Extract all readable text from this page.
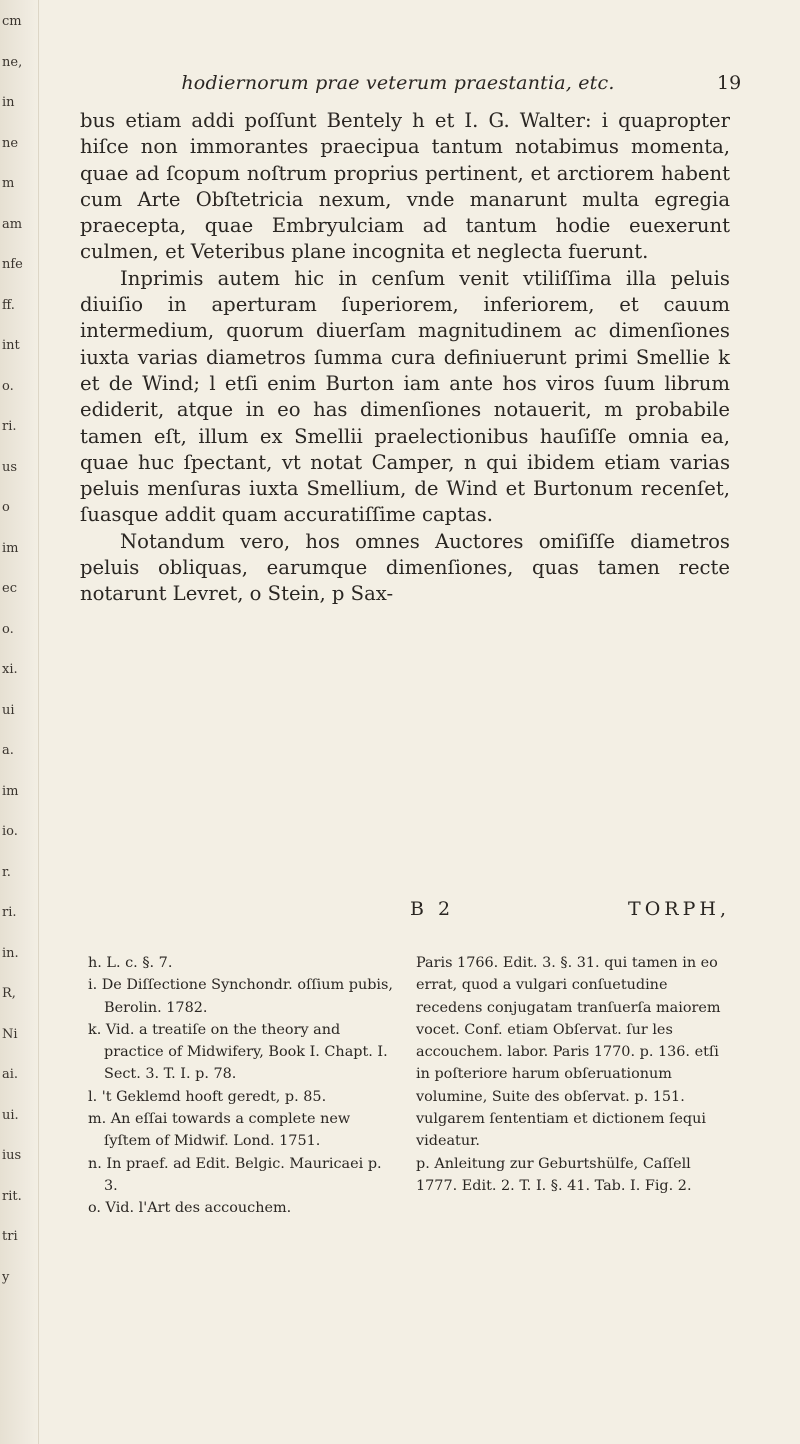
cm
ne,
in
ne
m
am
nfe
ff.
int
o.
ri.
us
o
im
ec
o.
xi.
ui
a.
im
io.
r.
ri.
in.
R,
Ni
ai.
ui.
ius
rit.
tri
y
hodiernorum prae veterum praestantia, etc.	19

bus etiam addi poſſunt Bentely h et I. G. Walter: i quapropter hiſce non immorantes praecipua tantum notabimus momenta, quae ad ſcopum noſtrum proprius pertinent, et arctiorem habent cum Arte Obſtetricia nexum, vnde manarunt multa egregia praecepta, quae Embryulciam ad tantum hodie euexerunt culmen, et Veteribus plane incognita et neglecta fuerunt.

Inprimis autem hic in cenſum venit vtiliſſima illa peluis diuiſio in aperturam ſuperiorem, inferiorem, et cauum intermedium, quorum diuerſam magnitudinem ac dimenſiones iuxta varias diametros ſumma cura definiuerunt primi Smellie k et de Wind; l etſi enim Burton iam ante hos viros ſuum librum ediderit, atque in eo has dimenſiones notauerit, m probabile tamen eſt, illum ex Smellii praelectionibus hauſiſſe omnia ea, quae huc ſpectant, vt notat Camper, n qui ibidem etiam varias peluis menſuras iuxta Smellium, de Wind et Burtonum recenſet, ſuasque addit quam accuratiſſime captas.

Notandum vero, hos omnes Auctores omiſiſſe diametros peluis obliquas, earumque dimenſiones, quas tamen recte notarunt Levret, o Stein, p Sax-

B 2	TORPH,

h. L. c. §. 7.

i. De Diſſectione Synchondr. oſſium pubis, Berolin. 1782.

k. Vid. a treatiſe on the theory and practice of Midwifery, Book I. Chapt. I. Sect. 3. T. I. p. 78.

l. 't Geklemd hooft geredt, p. 85.

m. An eſſai towards a complete new ſyſtem of Midwif. Lond. 1751.

n. In praef. ad Edit. Belgic. Mauricaei p. 3.

o. Vid. l'Art des accouchem.

Paris 1766. Edit. 3. §. 31. qui tamen in eo errat, quod a vulgari conſuetudine recedens conjugatam tranſuerſa maiorem vocet. Conf. etiam Obſervat. ſur les accouchem. labor. Paris 1770. p. 136. etſi in poſteriore harum obſeruationum volumine, Suite des obſervat. p. 151. vulgarem ſententiam et dictionem ſequi videatur.

p. Anleitung zur Geburtshülfe, Caſſell 1777. Edit. 2. T. I. §. 41. Tab. I. Fig. 2.
